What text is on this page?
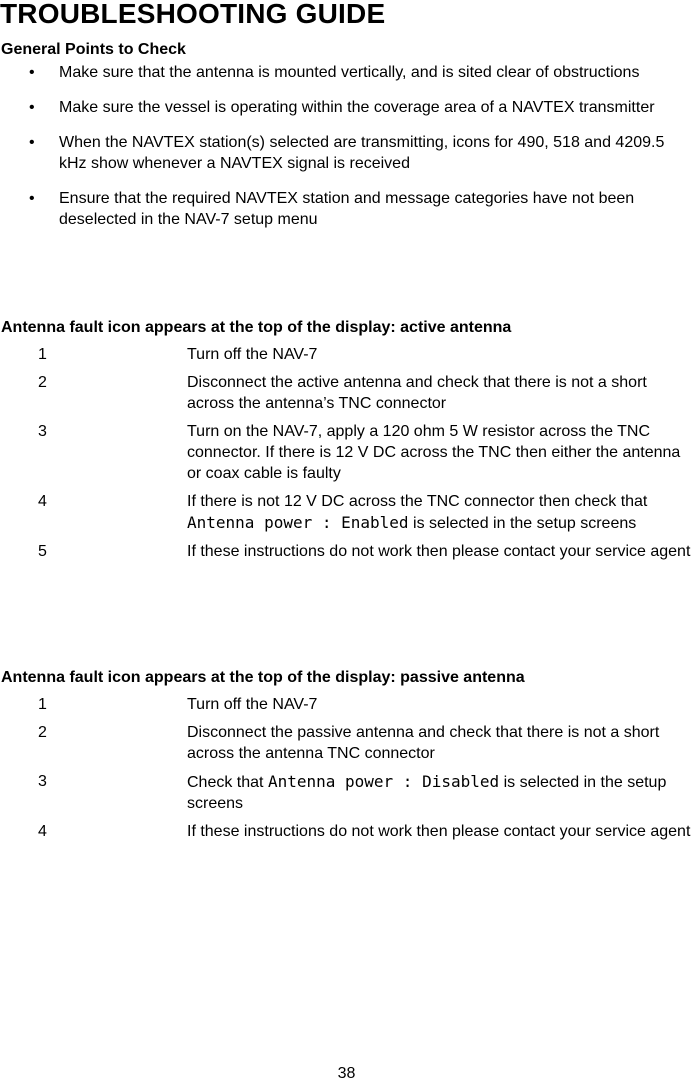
TROUBLESHOOTING GUIDE
General Points to Check
•	Make sure that the antenna is mounted vertically, and is sited clear of obstructions
•	Make sure the vessel is operating within the coverage area of a NAVTEX transmitter
•	When the NAVTEX station(s) selected are transmitting, icons for 490, 518 and 4209.5 kHz show whenever a NAVTEX signal is received
•	Ensure that the required NAVTEX station and message categories have not been deselected in the NAV-7 setup menu
Antenna fault icon appears at the top of the display: active antenna
1	Turn off the NAV-7
2	Disconnect the active antenna and check that there is not a short across the antenna’s TNC connector
3	Turn on the NAV-7, apply a 120 ohm 5 W resistor across the TNC connector. If there is 12 V DC across the TNC then either the antenna or coax cable is faulty
4	If there is not 12 V DC across the TNC connector then check that Antenna power : Enabled is selected in the setup screens
5	If these instructions do not work then please contact your service agent
Antenna fault icon appears at the top of the display: passive antenna
1	Turn off the NAV-7
2	Disconnect the passive antenna and check that there is not a short across the antenna TNC connector
3	Check that Antenna power : Disabled is selected in the setup screens
4	If these instructions do not work then please contact your service agent
38
